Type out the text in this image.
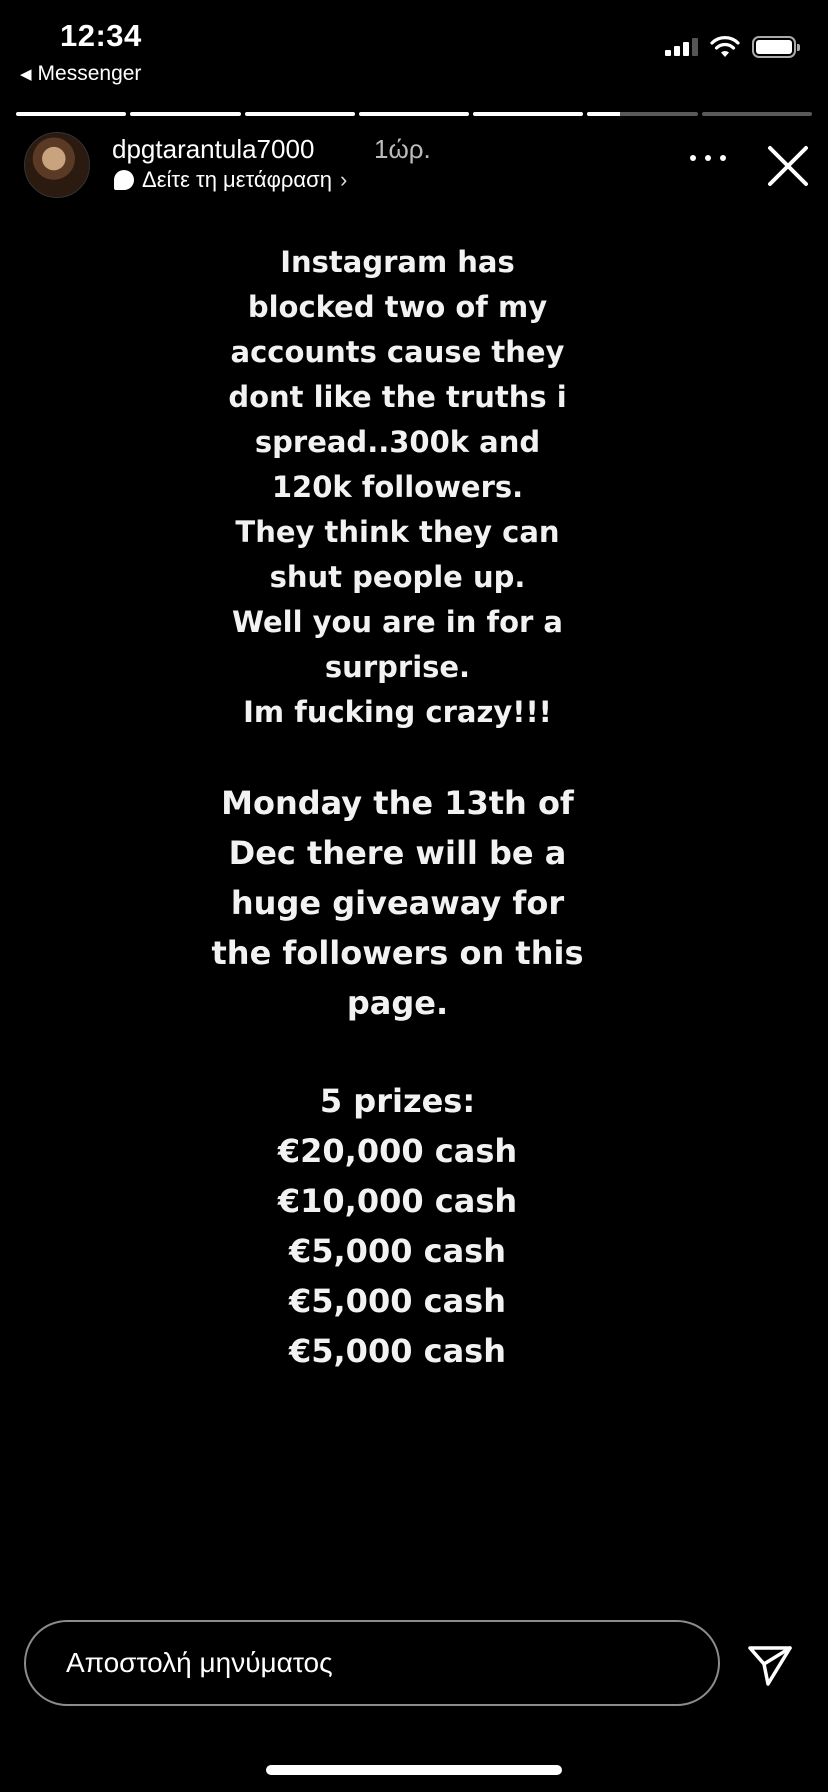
12:34
◀ Messenger
dpgtarantula7000 1ώρ.
Δείτε τη μετάφραση ›
Instagram has
blocked two of my
accounts cause they
dont like the truths i
spread..300k and
120k followers.
They think they can
shut people up.
Well you are in for a
surprise.
Im fucking crazy!!!
Monday the 13th of
Dec there will be a
huge giveaway for
the followers on this
page.
5 prizes:
€20,000 cash
€10,000 cash
€5,000 cash
€5,000 cash
€5,000 cash
Αποστολή μηνύματος
